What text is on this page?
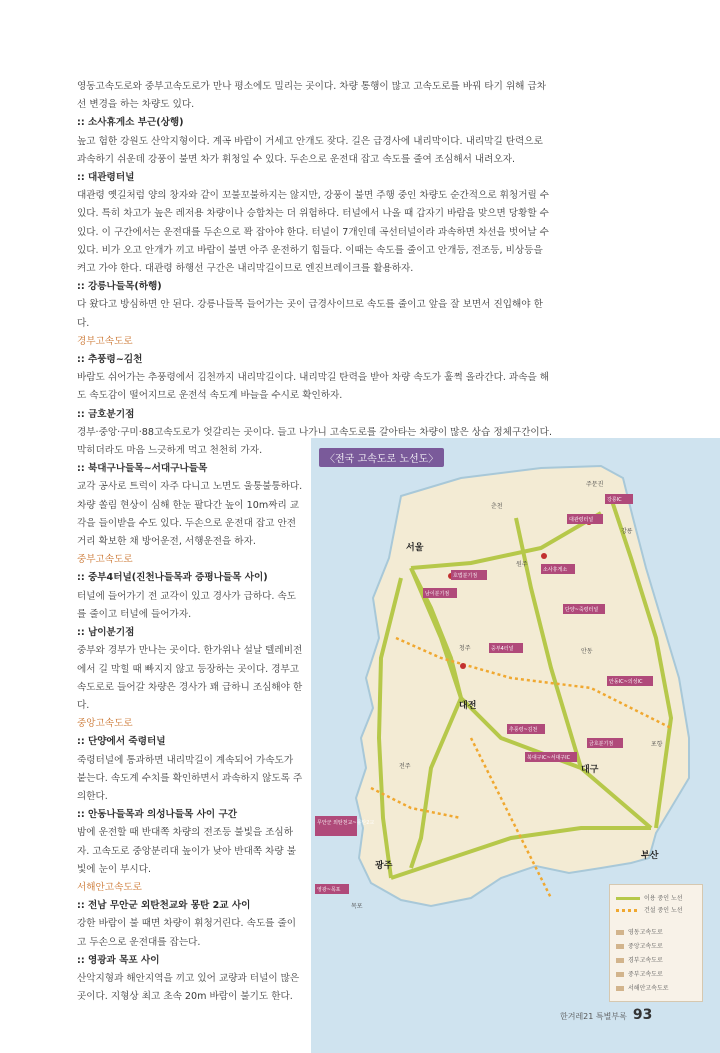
영동고속도로와 중부고속도로가 만나 평소에도 밀리는 곳이다. 차량 통행이 많고 고속도로를 바꿔 타기 위해 급차선 변경을 하는 차량도 있다.

:: 소사휴게소 부근(상행)

높고 험한 강원도 산악지형이다. 계곡 바람이 거세고 안개도 잦다. 길은 급경사에 내리막이다. 내리막길 탄력으로 과속하기 쉬운데 강풍이 불면 차가 휘청일 수 있다. 두손으로 운전대 잡고 속도를 줄여 조심해서 내려오자.

:: 대관령터널

대관령 옛길처럼 양의 창자와 같이 꼬불꼬불하지는 않지만, 강풍이 불면 주행 중인 차량도 순간적으로 휘청거릴 수 있다. 특히 차고가 높은 레저용 차량이나 승합차는 더 위험하다. 터널에서 나올 때 갑자기 바람을 맞으면 당황할 수 있다. 이 구간에서는 운전대를 두손으로 꽉 잡아야 한다. 터널이 7개인데 곡선터널이라 과속하면 차선을 벗어날 수 있다. 비가 오고 안개가 끼고 바람이 불면 아주 운전하기 힘들다. 이때는 속도를 줄이고 안개등, 전조등, 비상등을 켜고 가야 한다. 대관령 하행선 구간은 내리막길이므로 엔진브레이크를 활용하자.

:: 강릉나들목(하행)

다 왔다고 방심하면 안 된다. 강릉나들목 들어가는 곳이 급경사이므로 속도를 줄이고 앞을 잘 보면서 진입해야 한다.

경부고속도로

:: 추풍령~김천

바람도 쉬어가는 추풍령에서 김천까지 내리막길이다. 내리막길 탄력을 받아 차량 속도가 훌쩍 올라간다. 과속을 해도 속도감이 떨어지므로 운전석 속도계 바늘을 수시로 확인하자.

:: 금호분기점

경부·중앙·구미·88고속도로가 엇갈리는 곳이다. 들고 나가니 고속도로를 갈아타는 차량이 많은 상습 정체구간이다.

막히더라도 마음 느긋하게 먹고 천천히 가자.

:: 북대구나들목~서대구나들목

교각 공사로 트럭이 자주 다니고 노면도 울퉁불퉁하다. 차량 쏠림 현상이 심해 한눈 팔다간 높이 10m짜리 교각을 들이받을 수도 있다. 두손으로 운전대 잡고 안전거리 확보한 채 방어운전, 서행운전을 하자.

중부고속도로

:: 중부4터널(진천나들목과 증평나들목 사이)

터널에 들어가기 전 교각이 있고 경사가 급하다. 속도를 줄이고 터널에 들어가자.

:: 남이분기점

중부와 경부가 만나는 곳이다. 한가위나 설날 텔레비전에서 길 막힐 때 빠지지 않고 등장하는 곳이다. 경부고속도로로 들어갈 차량은 경사가 꽤 급하니 조심해야 한다.

중앙고속도로

:: 단양에서 죽령터널

죽령터널에 통과하면 내리막길이 계속되어 가속도가 붙는다. 속도계 수치를 확인하면서 과속하지 않도록 주의한다.

:: 안동나들목과 의성나들목 사이 구간

밤에 운전할 때 반대쪽 차량의 전조등 불빛을 조심하자. 고속도로 중앙분리대 높이가 낮아 반대쪽 차량 불빛에 눈이 부시다.

서해안고속도로

:: 전남 무안군 외탄천교와 몽탄 2교 사이

강한 바람이 불 때면 차량이 휘청거린다. 속도를 줄이고 두손으로 운전대를 잡는다.

:: 영광과 목포 사이

산악지형과 해안지역을 끼고 있어 교량과 터널이 많은 곳이다. 지형상 최고 초속 20m 바람이 불기도 한다.

강릉IC
대관령터널
소사휴게소
호법분기점
남이분기점
중부4터널
단양~죽령터널
안동IC~의성IC
추풍령~김천
금호분기점
북대구IC~서대구IC
무안군 외탄천교~몽탄2교
영광~목포
서울
대전
대구
광주
부산
춘천
주문진
원주
안동
포항
청주
전주
목포
강릉
〈전국 고속도로 노선도〉
이용 중인 노선
건설 중인 노선
영동고속도로
중앙고속도로
경부고속도로
중부고속도로
서해안고속도로
한겨레21 특별부록 93
